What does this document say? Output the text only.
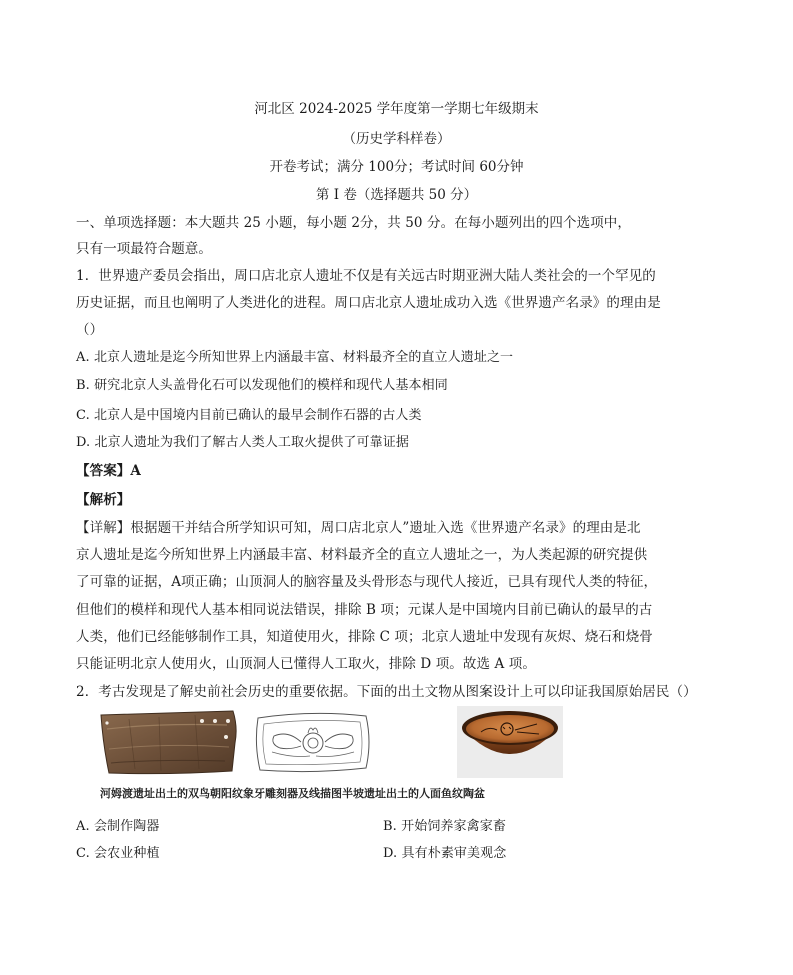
河北区 2024-2025 学年度第一学期七年级期末
（历史学科样卷）
开卷考试；满分 100分；考试时间 60分钟
第 I 卷（选择题共 50 分）
一、单项选择题：本大题共 25 小题，每小题 2分，共 50 分。在每小题列出的四个选项中，
只有一项最符合题意。
1．世界遗产委员会指出，周口店北京人遗址不仅是有关远古时期亚洲大陆人类社会的一个罕见的
历史证据，而且也阐明了人类进化的进程。周口店北京人遗址成功入选《世界遗产名录》的理由是
（）
A. 北京人遗址是迄今所知世界上内涵最丰富、材料最齐全的直立人遗址之一
B. 研究北京人头盖骨化石可以发现他们的模样和现代人基本相同
C. 北京人是中国境内目前已确认的最早会制作石器的古人类
D. 北京人遗址为我们了解古人类人工取火提供了可靠证据
【答案】A
【解析】
【详解】根据题干并结合所学知识可知，周口店北京人”遗址入选《世界遗产名录》的理由是北
京人遗址是迄今所知世界上内涵最丰富、材料最齐全的直立人遗址之一，为人类起源的研究提供
了可靠的证据，A项正确；山顶洞人的脑容量及头骨形态与现代人接近，已具有现代人类的特征，
但他们的模样和现代人基本相同说法错误，排除 B 项；元谋人是中国境内目前已确认的最早的古
人类，他们已经能够制作工具，知道使用火，排除 C 项；北京人遗址中发现有灰烬、烧石和烧骨
只能证明北京人使用火，山顶洞人已懂得人工取火，排除 D 项。故选 A 项。
2．考古发现是了解史前社会历史的重要依据。下面的出土文物从图案设计上可以印证我国原始居民（）
河姆渡遗址出土的双鸟朝阳纹象牙雕刻器及线描图半坡遗址出土的人面鱼纹陶盆
A. 会制作陶器	B. 开始饲养家禽家畜
C. 会农业种植	D. 具有朴素审美观念
